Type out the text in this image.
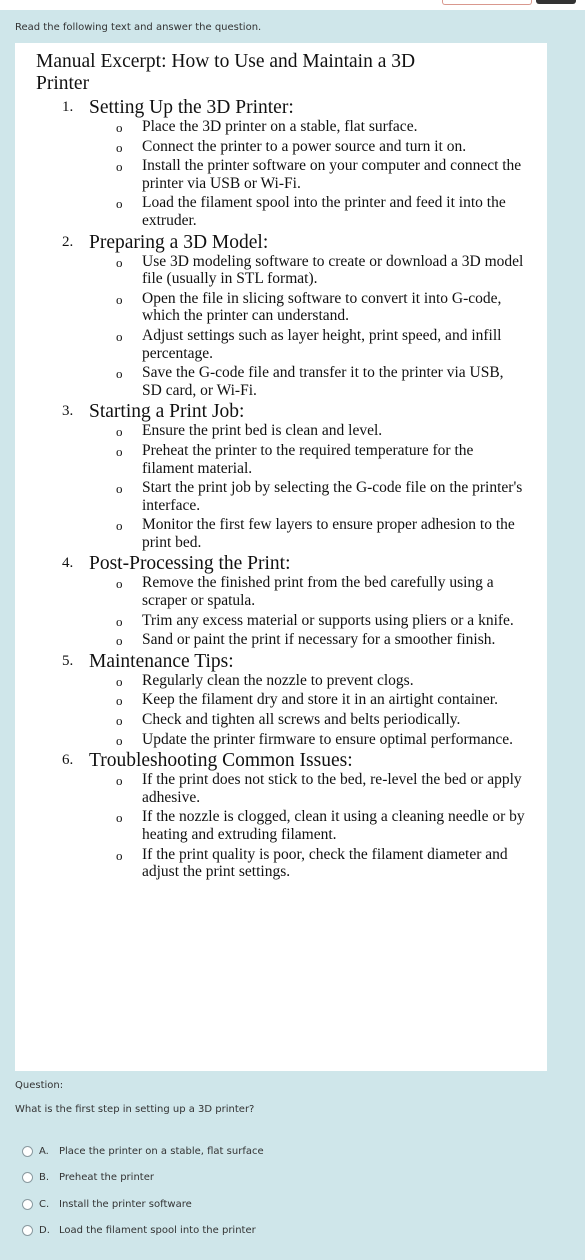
Read the following text and answer the question.
Manual Excerpt: How to Use and Maintain a 3D Printer
Setting Up the 3D Printer:
o Place the 3D printer on a stable, flat surface.
o Connect the printer to a power source and turn it on.
o Install the printer software on your computer and connect the printer via USB or Wi-Fi.
o Load the filament spool into the printer and feed it into the extruder.
Preparing a 3D Model:
o Use 3D modeling software to create or download a 3D model file (usually in STL format).
o Open the file in slicing software to convert it into G-code, which the printer can understand.
o Adjust settings such as layer height, print speed, and infill percentage.
o Save the G-code file and transfer it to the printer via USB, SD card, or Wi-Fi.
Starting a Print Job:
o Ensure the print bed is clean and level.
o Preheat the printer to the required temperature for the filament material.
o Start the print job by selecting the G-code file on the printer's interface.
o Monitor the first few layers to ensure proper adhesion to the print bed.
Post-Processing the Print:
o Remove the finished print from the bed carefully using a scraper or spatula.
o Trim any excess material or supports using pliers or a knife.
o Sand or paint the print if necessary for a smoother finish.
Maintenance Tips:
o Regularly clean the nozzle to prevent clogs.
o Keep the filament dry and store it in an airtight container.
o Check and tighten all screws and belts periodically.
o Update the printer firmware to ensure optimal performance.
Troubleshooting Common Issues:
o If the print does not stick to the bed, re-level the bed or apply adhesive.
o If the nozzle is clogged, clean it using a cleaning needle or by heating and extruding filament.
o If the print quality is poor, check the filament diameter and adjust the print settings.
Question:
What is the first step in setting up a 3D printer?
A.	Place the printer on a stable, flat surface
B. Preheat the printer
C. Install the printer software
D. Load the filament spool into the printer
